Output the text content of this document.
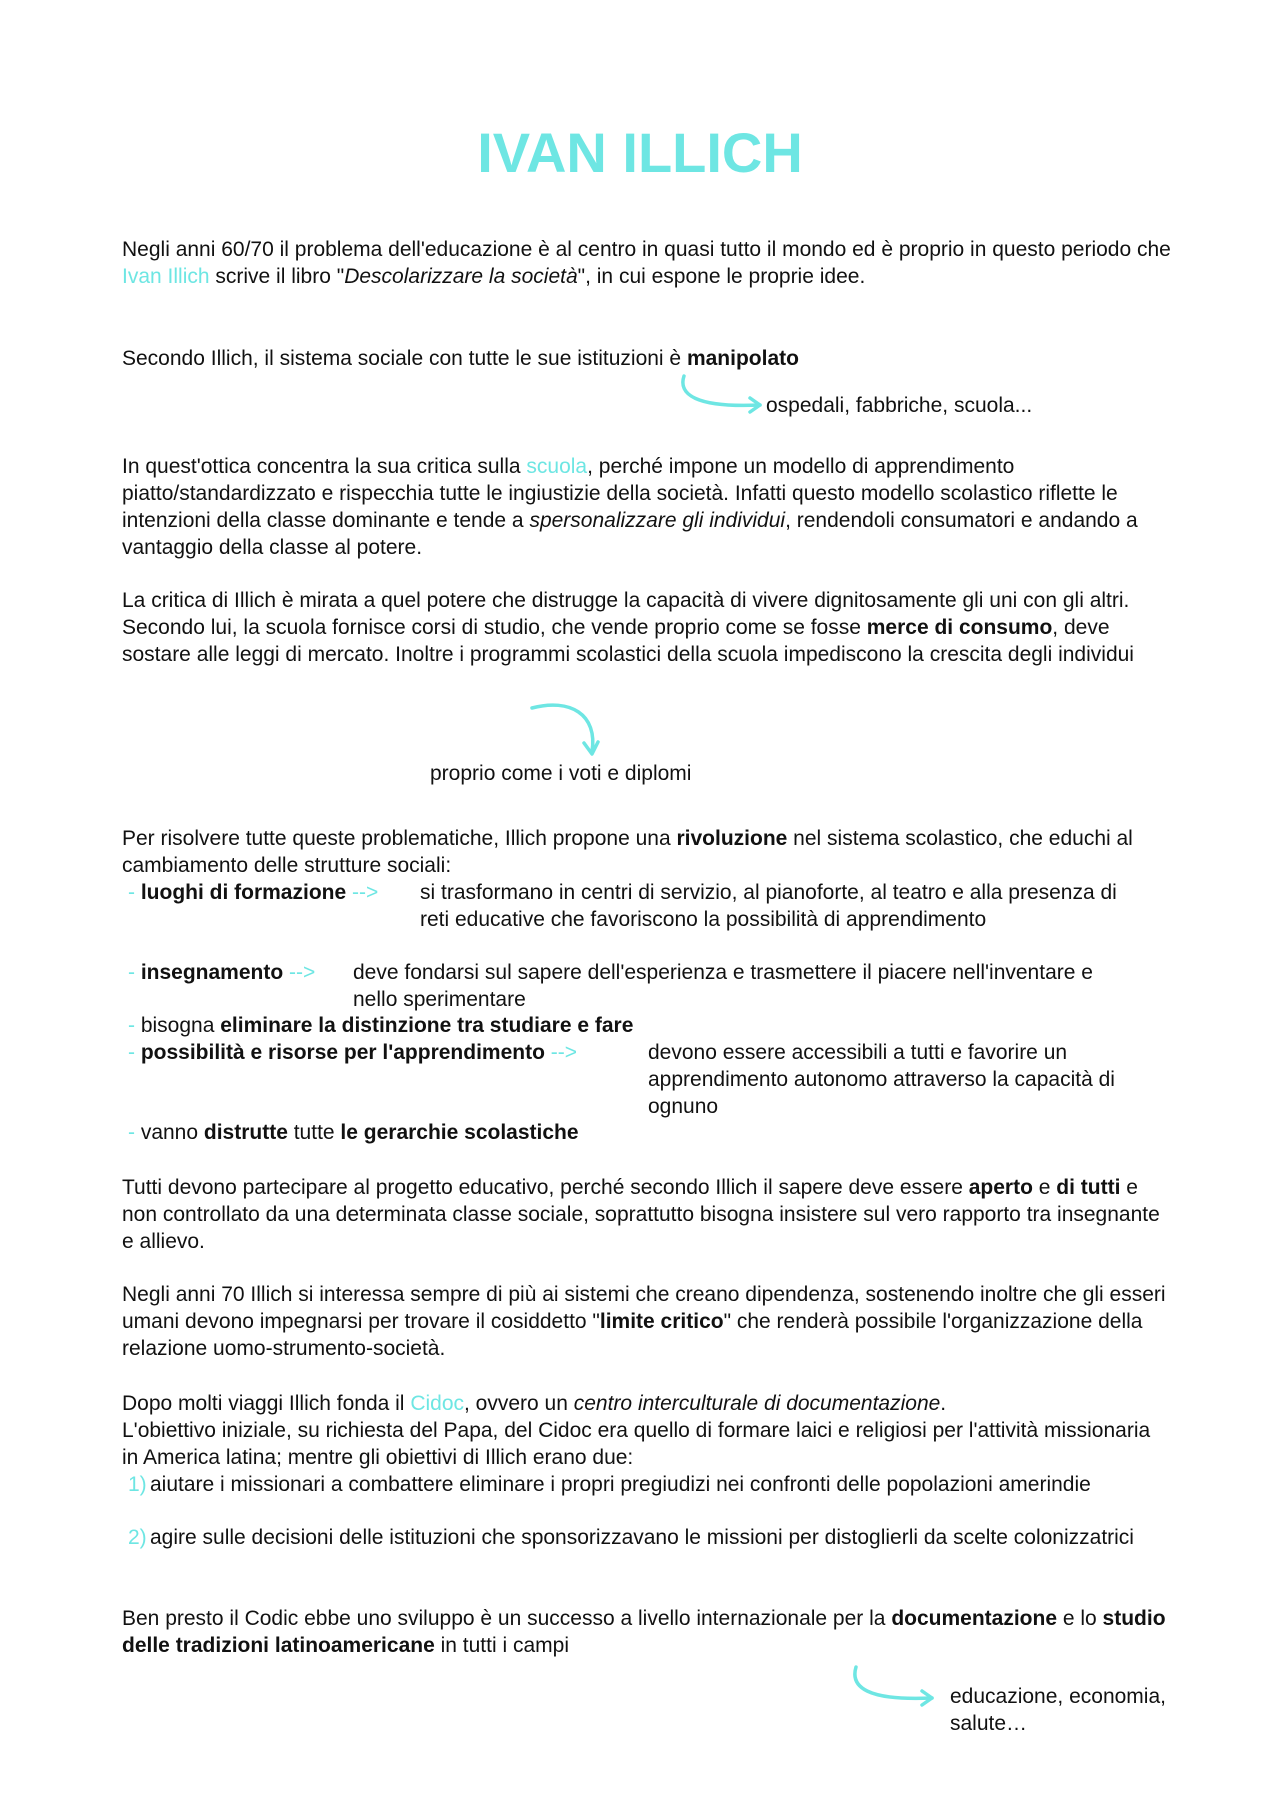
IVAN ILLICH

Negli anni 60/70 il problema dell'educazione è al centro in quasi tutto il mondo ed è proprio in questo periodo che Ivan Illich scrive il libro "Descolarizzare la società", in cui espone le proprie idee.

Secondo Illich, il sistema sociale con tutte le sue istituzioni è manipolato

ospedali, fabbriche, scuola...

In quest'ottica concentra la sua critica sulla scuola, perché impone un modello di apprendimento piatto/standardizzato e rispecchia tutte le ingiustizie della società. Infatti questo modello scolastico riflette le intenzioni della classe dominante e tende a spersonalizzare gli individui, rendendoli consumatori e andando a vantaggio della classe al potere.

La critica di Illich è mirata a quel potere che distrugge la capacità di vivere dignitosamente gli uni con gli altri.
Secondo lui, la scuola fornisce corsi di studio, che vende proprio come se fosse merce di consumo, deve sostare alle leggi di mercato. Inoltre i programmi scolastici della scuola impediscono la crescita degli individui

proprio come i voti e diplomi

Per risolvere tutte queste problematiche, Illich propone una rivoluzione nel sistema scolastico, che educhi al cambiamento delle strutture sociali:

- luoghi di formazione --> si trasformano in centri di servizio, al pianoforte, al teatro e alla presenza di reti educative che favoriscono la possibilità di apprendimento
- insegnamento --> deve fondarsi sul sapere dell'esperienza e trasmettere il piacere nell'inventare e nello sperimentare

- bisogna eliminare la distinzione tra studiare e fare

- possibilità e risorse per l'apprendimento -->	devono essere accessibili a tutti e favorire un apprendimento autonomo attraverso la capacità di ognuno

- vanno distrutte tutte le gerarchie scolastiche

Tutti devono partecipare al progetto educativo, perché secondo Illich il sapere deve essere aperto e di tutti e non controllato da una determinata classe sociale, soprattutto bisogna insistere sul vero rapporto tra insegnante e allievo.

Negli anni 70 Illich si interessa sempre di più ai sistemi che creano dipendenza, sostenendo inoltre che gli esseri umani devono impegnarsi per trovare il cosiddetto "limite critico" che renderà possibile l'organizzazione della relazione uomo-strumento-società.

Dopo molti viaggi Illich fonda il Cidoc, ovvero un centro interculturale di documentazione.
L'obiettivo iniziale, su richiesta del Papa, del Cidoc era quello di formare laici e religiosi per l'attività missionaria in America latina; mentre gli obiettivi di Illich erano due:

1) aiutare i missionari a combattere eliminare i propri pregiudizi nei confronti delle popolazioni amerindie
2) agire sulle decisioni delle istituzioni che sponsorizzavano le missioni per distoglierli da scelte colonizzatrici

Ben presto il Codic ebbe uno sviluppo è un successo a livello internazionale per la documentazione e lo studio delle tradizioni latinoamericane in tutti i campi

educazione, economia, salute…
